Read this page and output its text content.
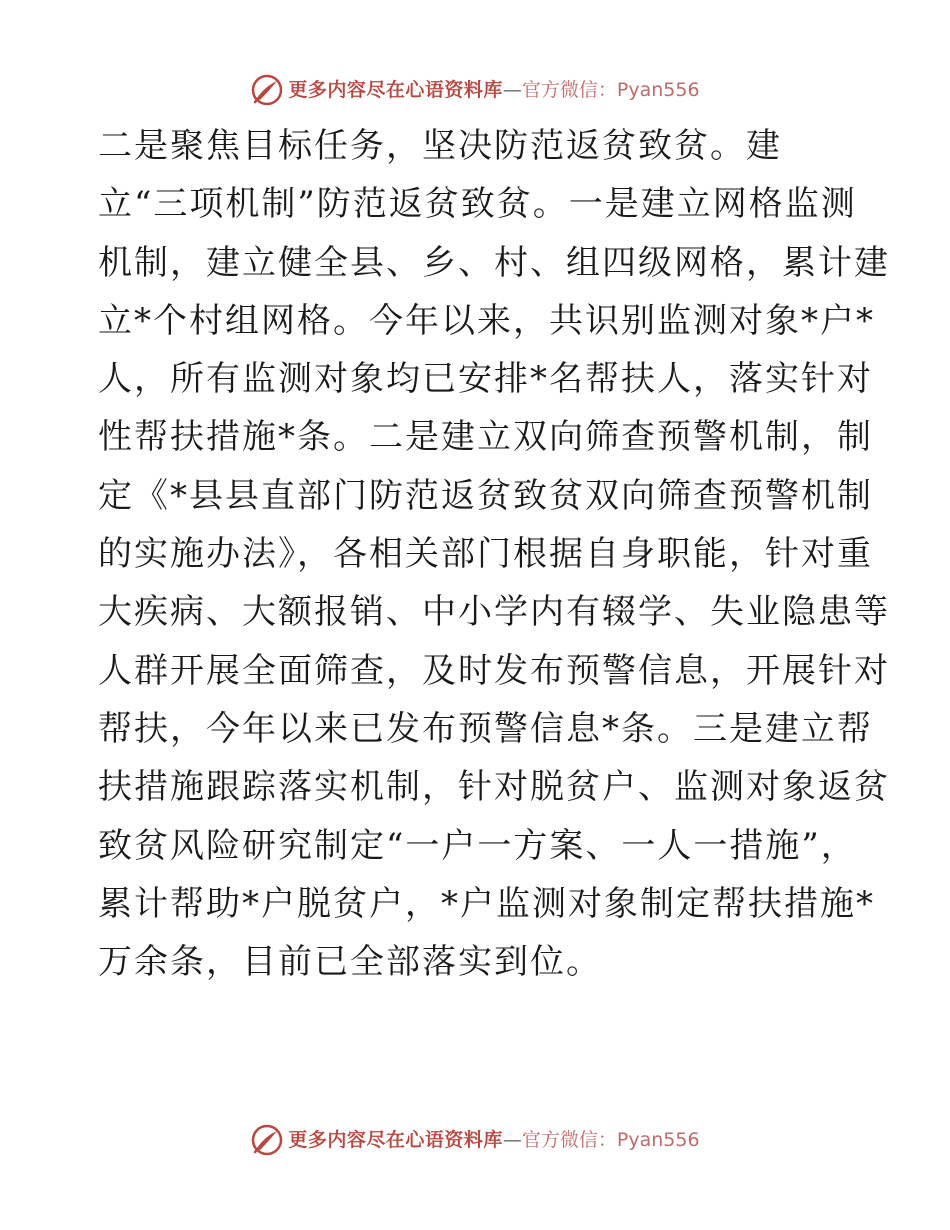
更多内容尽在心语资料库—官方微信：Pyan556
二是聚焦目标任务，坚决防范返贫致贫。建
立“三项机制”防范返贫致贫。一是建立网格监测
机制，建立健全县、乡、村、组四级网格，累计建
立*个村组网格。今年以来，共识别监测对象*户*
人，所有监测对象均已安排*名帮扶人，落实针对
性帮扶措施*条。二是建立双向筛查预警机制，制
定《*县县直部门防范返贫致贫双向筛查预警机制
的实施办法》，各相关部门根据自身职能，针对重
大疾病、大额报销、中小学内有辍学、失业隐患等
人群开展全面筛查，及时发布预警信息，开展针对
帮扶，今年以来已发布预警信息*条。三是建立帮
扶措施跟踪落实机制，针对脱贫户、监测对象返贫
致贫风险研究制定“一户一方案、一人一措施”，
累计帮助*户脱贫户，*户监测对象制定帮扶措施*
万余条，目前已全部落实到位。
更多内容尽在心语资料库—官方微信：Pyan556
